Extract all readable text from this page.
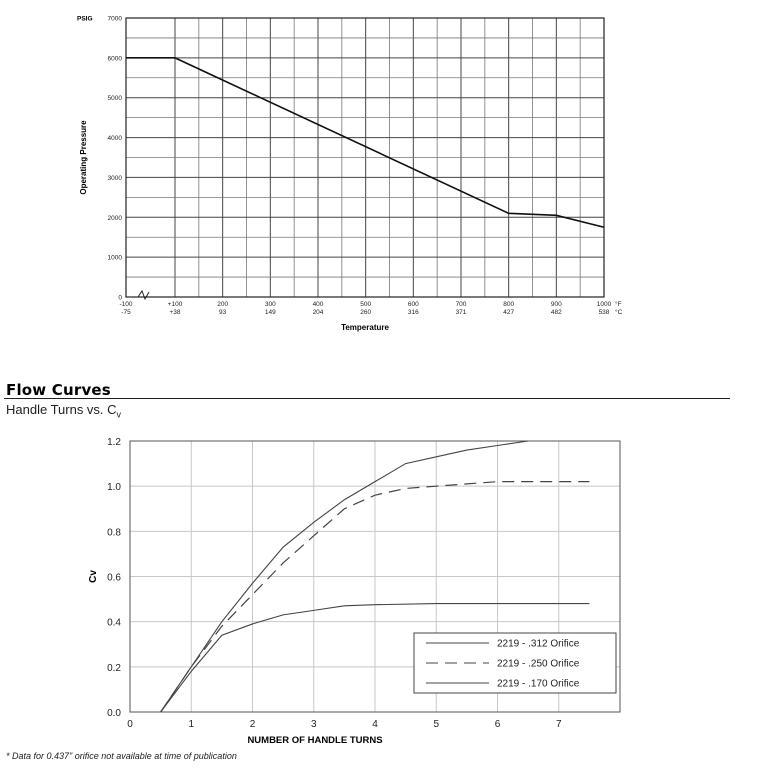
0
1000
2000
3000
4000
5000
6000
7000
PSIG
Operating Pressure
-100
-75
+100
+38
200
93
300
149
400
204
500
260
600
316
700
371
800
427
900
482
1000
538
°F
°C
Temperature
Flow Curves
Handle Turns vs. $C_v$
0	1	2	3	4	5	6	7
0.0
0.2
0.4
0.6
0.8
1.0
1.2
NUMBER OF HANDLE TURNS
Cv
2219 - .312 Orifice
2219 - .250 Orifice
2219 - .170 Orifice
* Data for 0.437" orifice not available at time of publication
